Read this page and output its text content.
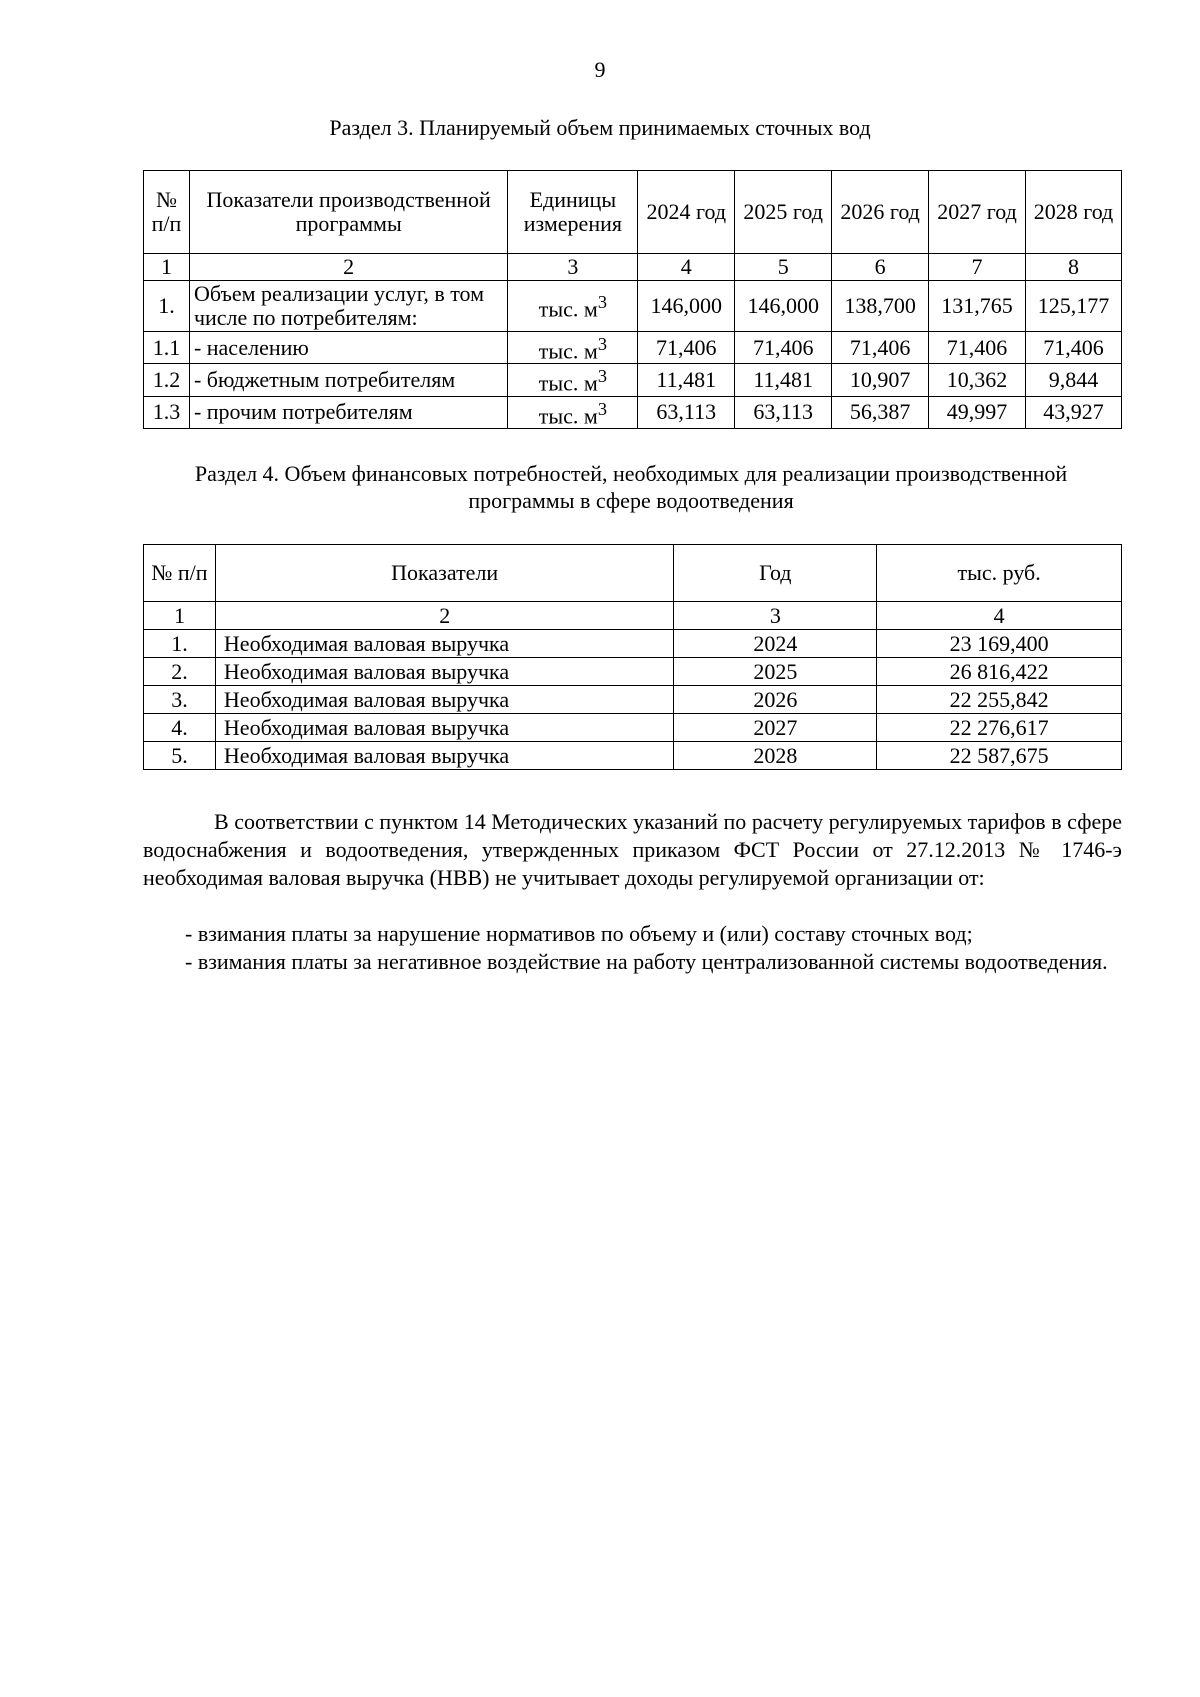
9
Раздел 3. Планируемый объем принимаемых сточных вод
№ п/п	Показатели производственной программы	Единицы измерения	2024 год	2025 год	2026 год	2027 год	2028 год
1	2	3	4	5	6	7	8
1.	Объем реализации услуг, в том числе по потребителям:	тыс. $м^3$	146,000	146,000	138,700	131,765	125,177
1.1	- населению	тыс. $м^3$	71,406	71,406	71,406	71,406	71,406
1.2	- бюджетным потребителям	тыс. $м^3$	11,481	11,481	10,907	10,362	9,844
1.3	- прочим потребителям	тыс. $м^3$	63,113	63,113	56,387	49,997	43,927
Раздел 4. Объем финансовых потребностей, необходимых для реализации производственной программы в сфере водоотведения
№ п/п	Показатели	Год	тыс. руб.
1	2	3	4
1.	Необходимая валовая выручка	2024	23 169,400
2.	Необходимая валовая выручка	2025	26 816,422
3.	Необходимая валовая выручка	2026	22 255,842
4.	Необходимая валовая выручка	2027	22 276,617
5.	Необходимая валовая выручка	2028	22 587,675
В соответствии с пунктом 14 Методических указаний по расчету регулируемых тарифов в сфере водоснабжения и водоотведения, утвержденных приказом ФСТ России от 27.12.2013 № 1746-э необходимая валовая выручка (НВВ) не учитывает доходы регулируемой организации от:
- взимания платы за нарушение нормативов по объему и (или) составу сточных вод;
- взимания платы за негативное воздействие на работу централизованной системы водоотведения.
